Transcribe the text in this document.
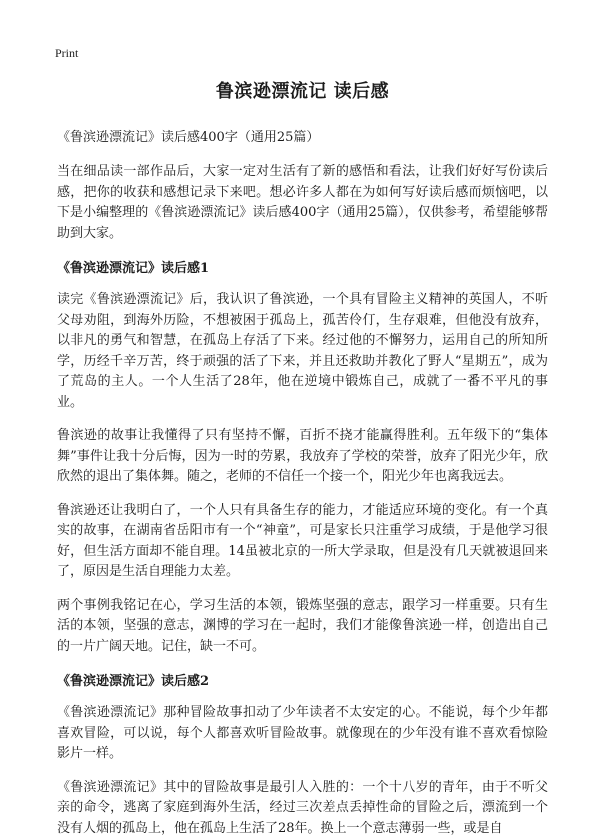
Print
鲁滨逊漂流记 读后感
《鲁滨逊漂流记》读后感400字（通用25篇）

当在细品读一部作品后，大家一定对生活有了新的感悟和看法，让我们好好写份读后感，把你的收获和感想记录下来吧。想必许多人都在为如何写好读后感而烦恼吧，以下是小编整理的《鲁滨逊漂流记》读后感400字（通用25篇），仅供参考，希望能够帮助到大家。

《鲁滨逊漂流记》读后感1

读完《鲁滨逊漂流记》后，我认识了鲁滨逊，一个具有冒险主义精神的英国人，不听父母劝阻，到海外历险，不想被困于孤岛上，孤苦伶仃，生存艰难，但他没有放弃，以非凡的勇气和智慧，在孤岛上存活了下来。经过他的不懈努力，运用自己的所知所学，历经千辛万苦，终于顽强的活了下来，并且还救助并教化了野人“星期五”，成为了荒岛的主人。一个人生活了28年，他在逆境中锻炼自己，成就了一番不平凡的事业。

鲁滨逊的故事让我懂得了只有坚持不懈，百折不挠才能赢得胜利。五年级下的“集体舞”事件让我十分后悔，因为一时的劳累，我放弃了学校的荣誉，放弃了阳光少年，欣欣然的退出了集体舞。随之，老师的不信任一个接一个，阳光少年也离我远去。

鲁滨逊还让我明白了，一个人只有具备生存的能力，才能适应环境的变化。有一个真实的故事，在湖南省岳阳市有一个“神童”，可是家长只注重学习成绩，于是他学习很好，但生活方面却不能自理。14虽被北京的一所大学录取，但是没有几天就被退回来了，原因是生活自理能力太差。

两个事例我铭记在心，学习生活的本领，锻炼坚强的意志，跟学习一样重要。只有生活的本领，坚强的意志，渊博的学习在一起时，我们才能像鲁滨逊一样，创造出自己的一片广阔天地。记住，缺一不可。

《鲁滨逊漂流记》读后感2

《鲁滨逊漂流记》那种冒险故事扣动了少年读者不太安定的心。不能说，每个少年都喜欢冒险，可以说，每个人都喜欢听冒险故事。就像现在的少年没有谁不喜欢看惊险影片一样。

《鲁滨逊漂流记》其中的冒险故事是最引人入胜的：一个十八岁的青年，由于不听父亲的命令，逃离了家庭到海外生活，经过三次差点丢掉性命的冒险之后，漂流到一个没有人烟的孤岛上，他在孤岛上生活了28年。换上一个意志薄弱一些，或是自
